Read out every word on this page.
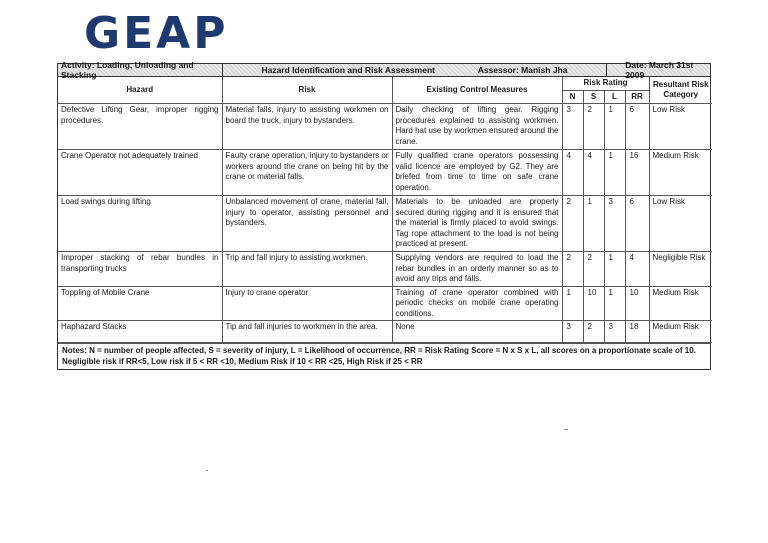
GEAP
Activity: Loading, Unloading and Stacking	Hazard Identification and Risk Assessment	Assessor: Manish Jha	Date: March 31st 2009
Hazard	Risk	Existing Control Measures	Risk Rating				Resultant Risk Category
			N	S	L	RR	
Defective Lifting Gear, improper rigging procedures.	Material falls, injury to assisting workmen on board the truck, injury to bystanders.	Daily checking of lifting gear. Rigging procedures explained to assisting workmen. Hard hat use by workmen ensured around the crane.	3	2	1	6	Low Risk
Crane Operator not adequately trained	Faulty crane operation, injury to bystanders or workers around the crane on being hit by the crane or material falls.	Fully qualified crane operators possessing valid licence are employed by G2. They are briefed from time to time on safe crane operation.	4	4	1	16	Medium Risk
Load swings during lifting	Unbalanced movement of crane, material fall, injury to operator, assisting personnel and bystanders.	Materials to be unloaded are properly secured during rigging and it is ensured that the material is firmly placed to avoid swings. Tag rope attachment to the load is not being practiced at present.	2	1	3	6	Low Risk
Improper stacking of rebar bundles in transporting trucks	Trip and fall injury to assisting workmen.	Supplying vendors are required to load the rebar bundles in an orderly manner so as to avoid any trips and falls.	2	2	1	4	Negligible Risk
Toppling of Mobile Crane	Injury to crane operator	Training of crane operator combined with periodic checks on mobile crane operating conditions.	1	10	1	10	Medium Risk
Haphazard Stacks	Tip and fall injuries to workmen in the area.	None	3	2	3	18	Medium Risk
Notes: N = number of people affected, S = severity of injury, L = Likelihood of occurrence, RR = Risk Rating Score = N x S x L, all scores on a proportionate scale of 10.
Negligible risk if RR<5, Low risk if 5 < RR <10, Medium Risk if 10 < RR <25, High Risk if 25 < RR
